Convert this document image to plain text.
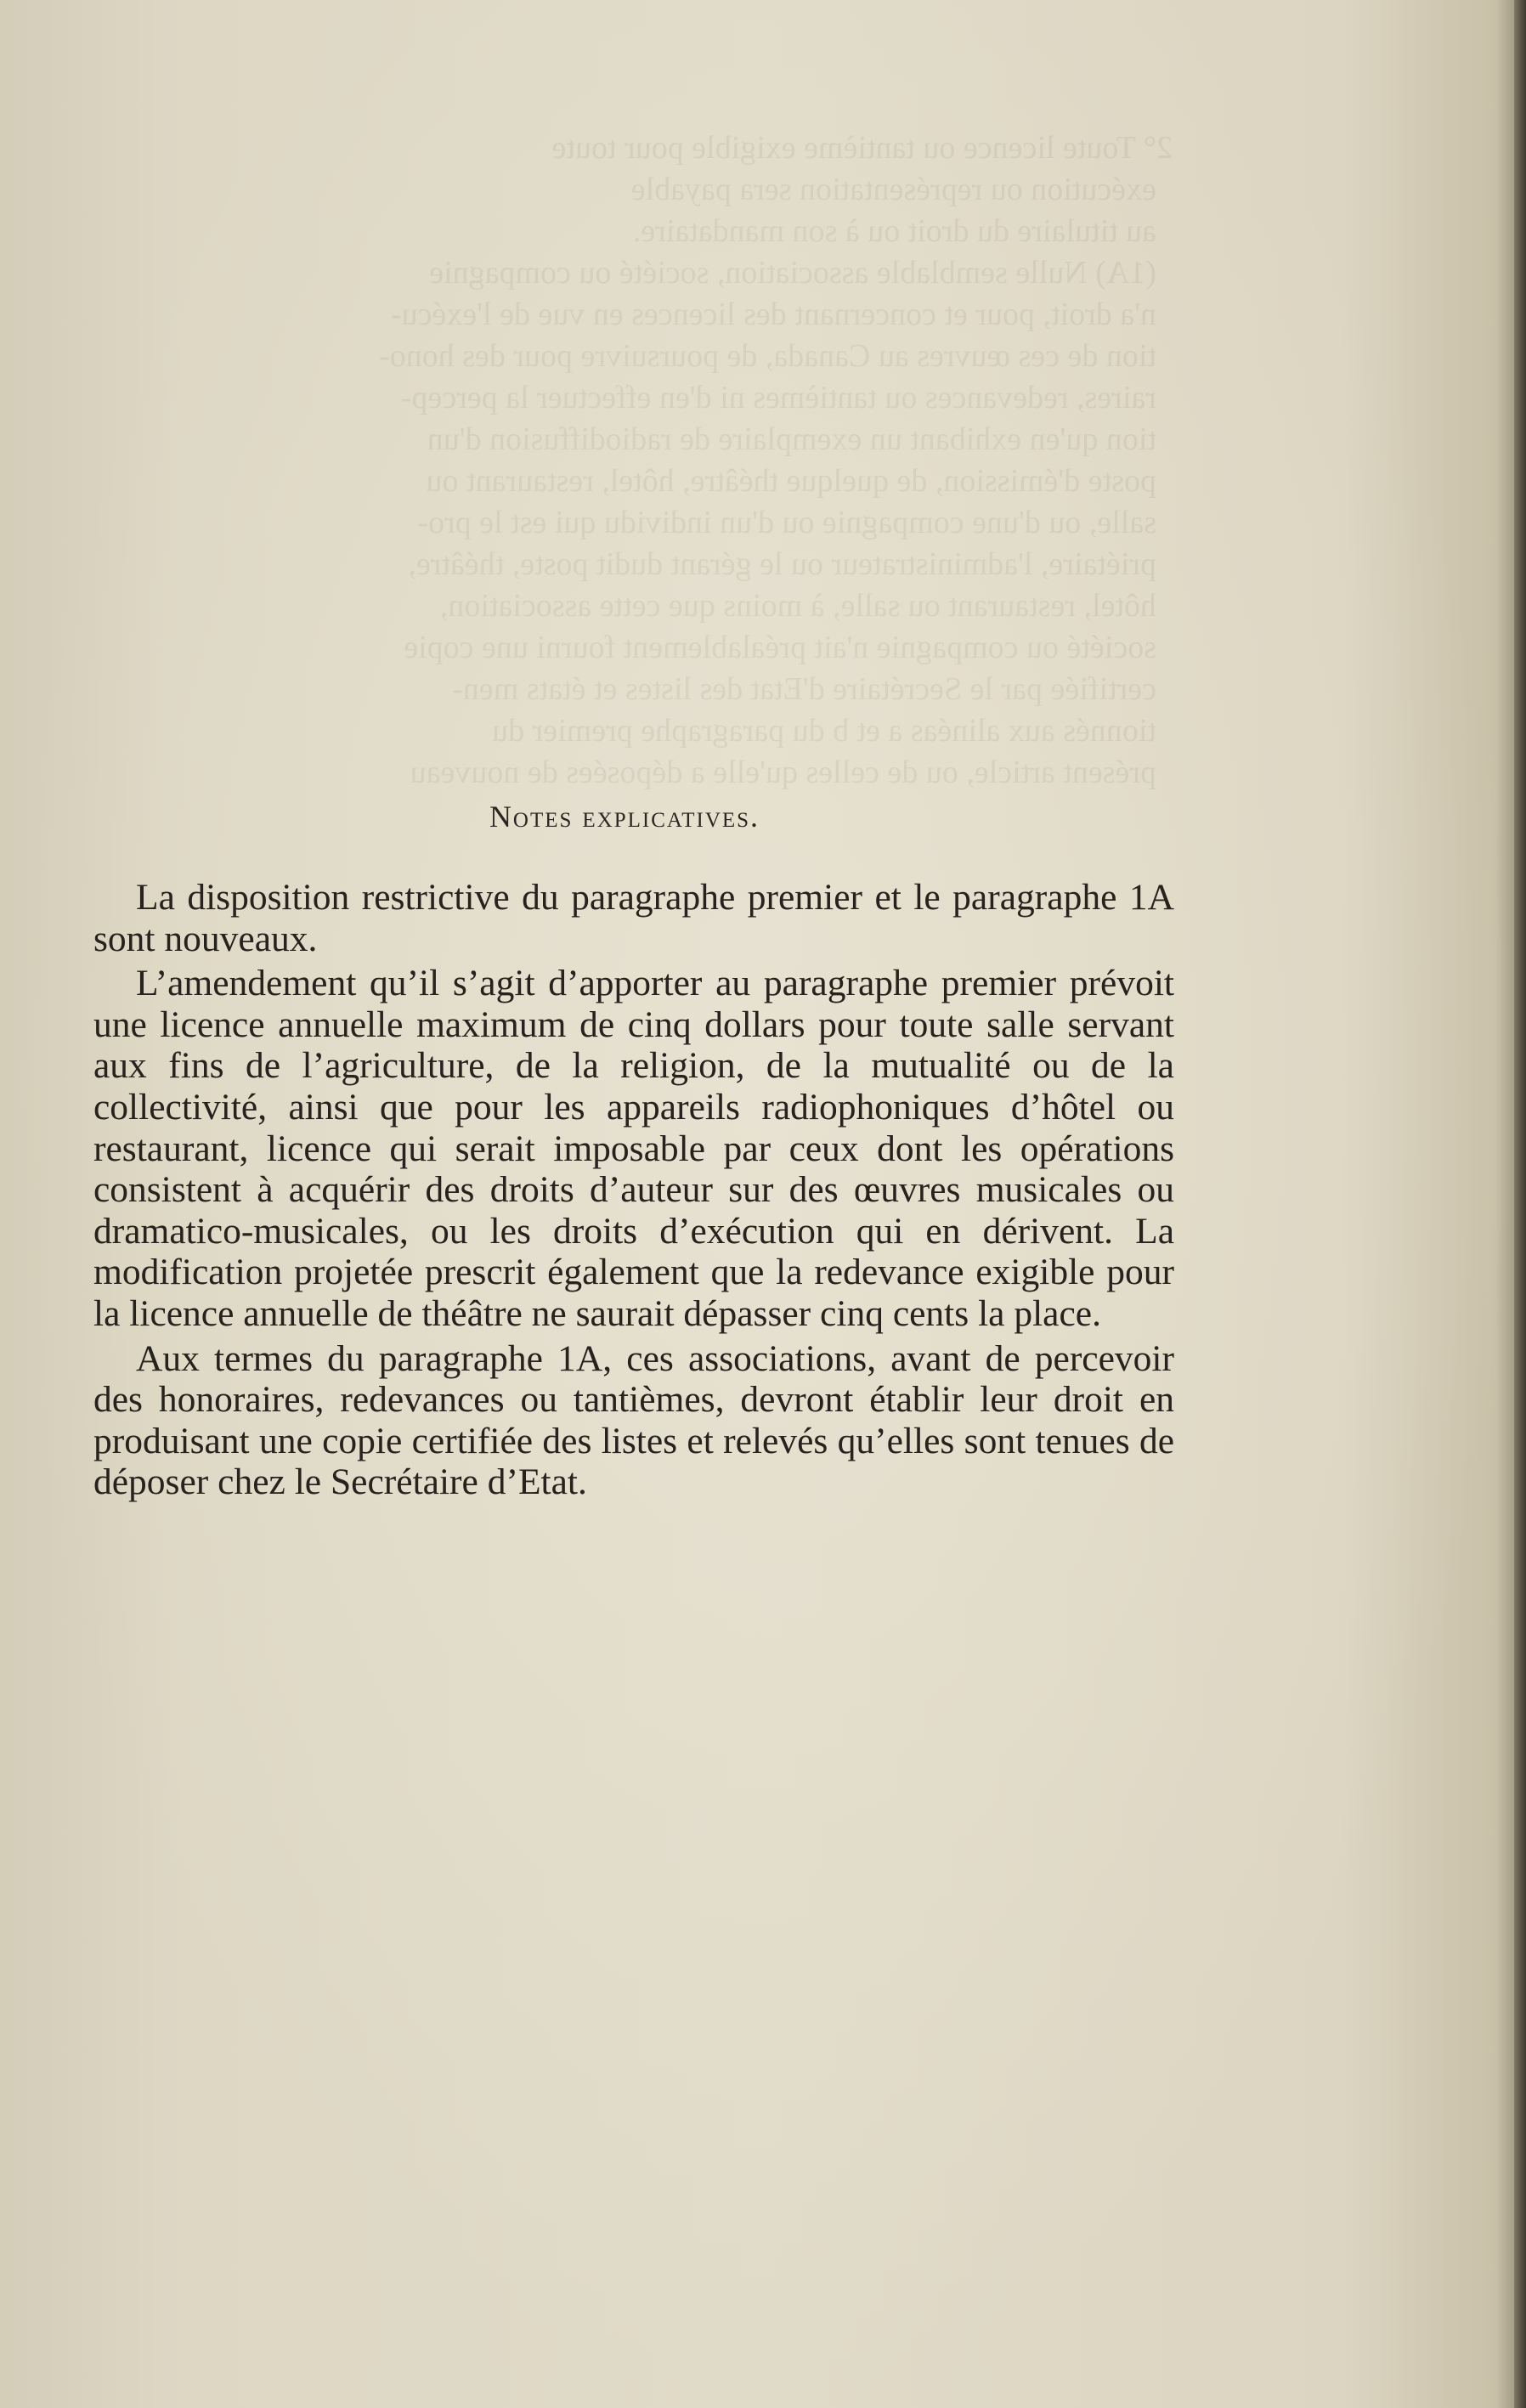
2° Toute licence ou tantième exigible pour toute
exécution ou représentation sera payable
au titulaire du droit ou à son mandataire.
(1A) Nulle semblable association, société ou compagnie
n'a droit, pour et concernant des licences en vue de l'exécu-
tion de ces œuvres au Canada, de poursuivre pour des hono-
raires, redevances ou tantièmes ni d'en effectuer la percep-
tion qu'en exhibant un exemplaire de radiodiffusion d'un
poste d'émission, de quelque théâtre, hôtel, restaurant ou
salle, ou d'une compagnie ou d'un individu qui est le pro-
priétaire, l'administrateur ou le gérant dudit poste, théâtre,
hôtel, restaurant ou salle, à moins que cette association,
société ou compagnie n'ait préalablement fourni une copie
certifiée par le Secrétaire d'Etat des listes et états men-
tionnés aux alinéas a et b du paragraphe premier du
présent article, ou de celles qu'elle a déposées de nouveau
Notes explicatives.

La disposition restrictive du paragraphe premier et le paragraphe 1A sont nouveaux.

L’amendement qu’il s’agit d’apporter au paragraphe premier prévoit une licence annuelle maximum de cinq dollars pour toute salle servant aux fins de l’agriculture, de la religion, de la mutualité ou de la collectivité, ainsi que pour les appareils radiophoniques d’hôtel ou restaurant, licence qui serait imposable par ceux dont les opérations consistent à acquérir des droits d’auteur sur des œuvres musicales ou dramatico-musicales, ou les droits d’exécution qui en dérivent. La modification projetée prescrit également que la redevance exigible pour la licence annuelle de théâtre ne saurait dépasser cinq cents la place.

Aux termes du paragraphe 1A, ces associations, avant de percevoir des honoraires, redevances ou tantièmes, devront établir leur droit en produisant une copie certifiée des listes et relevés qu’elles sont tenues de déposer chez le Secrétaire d’Etat.
